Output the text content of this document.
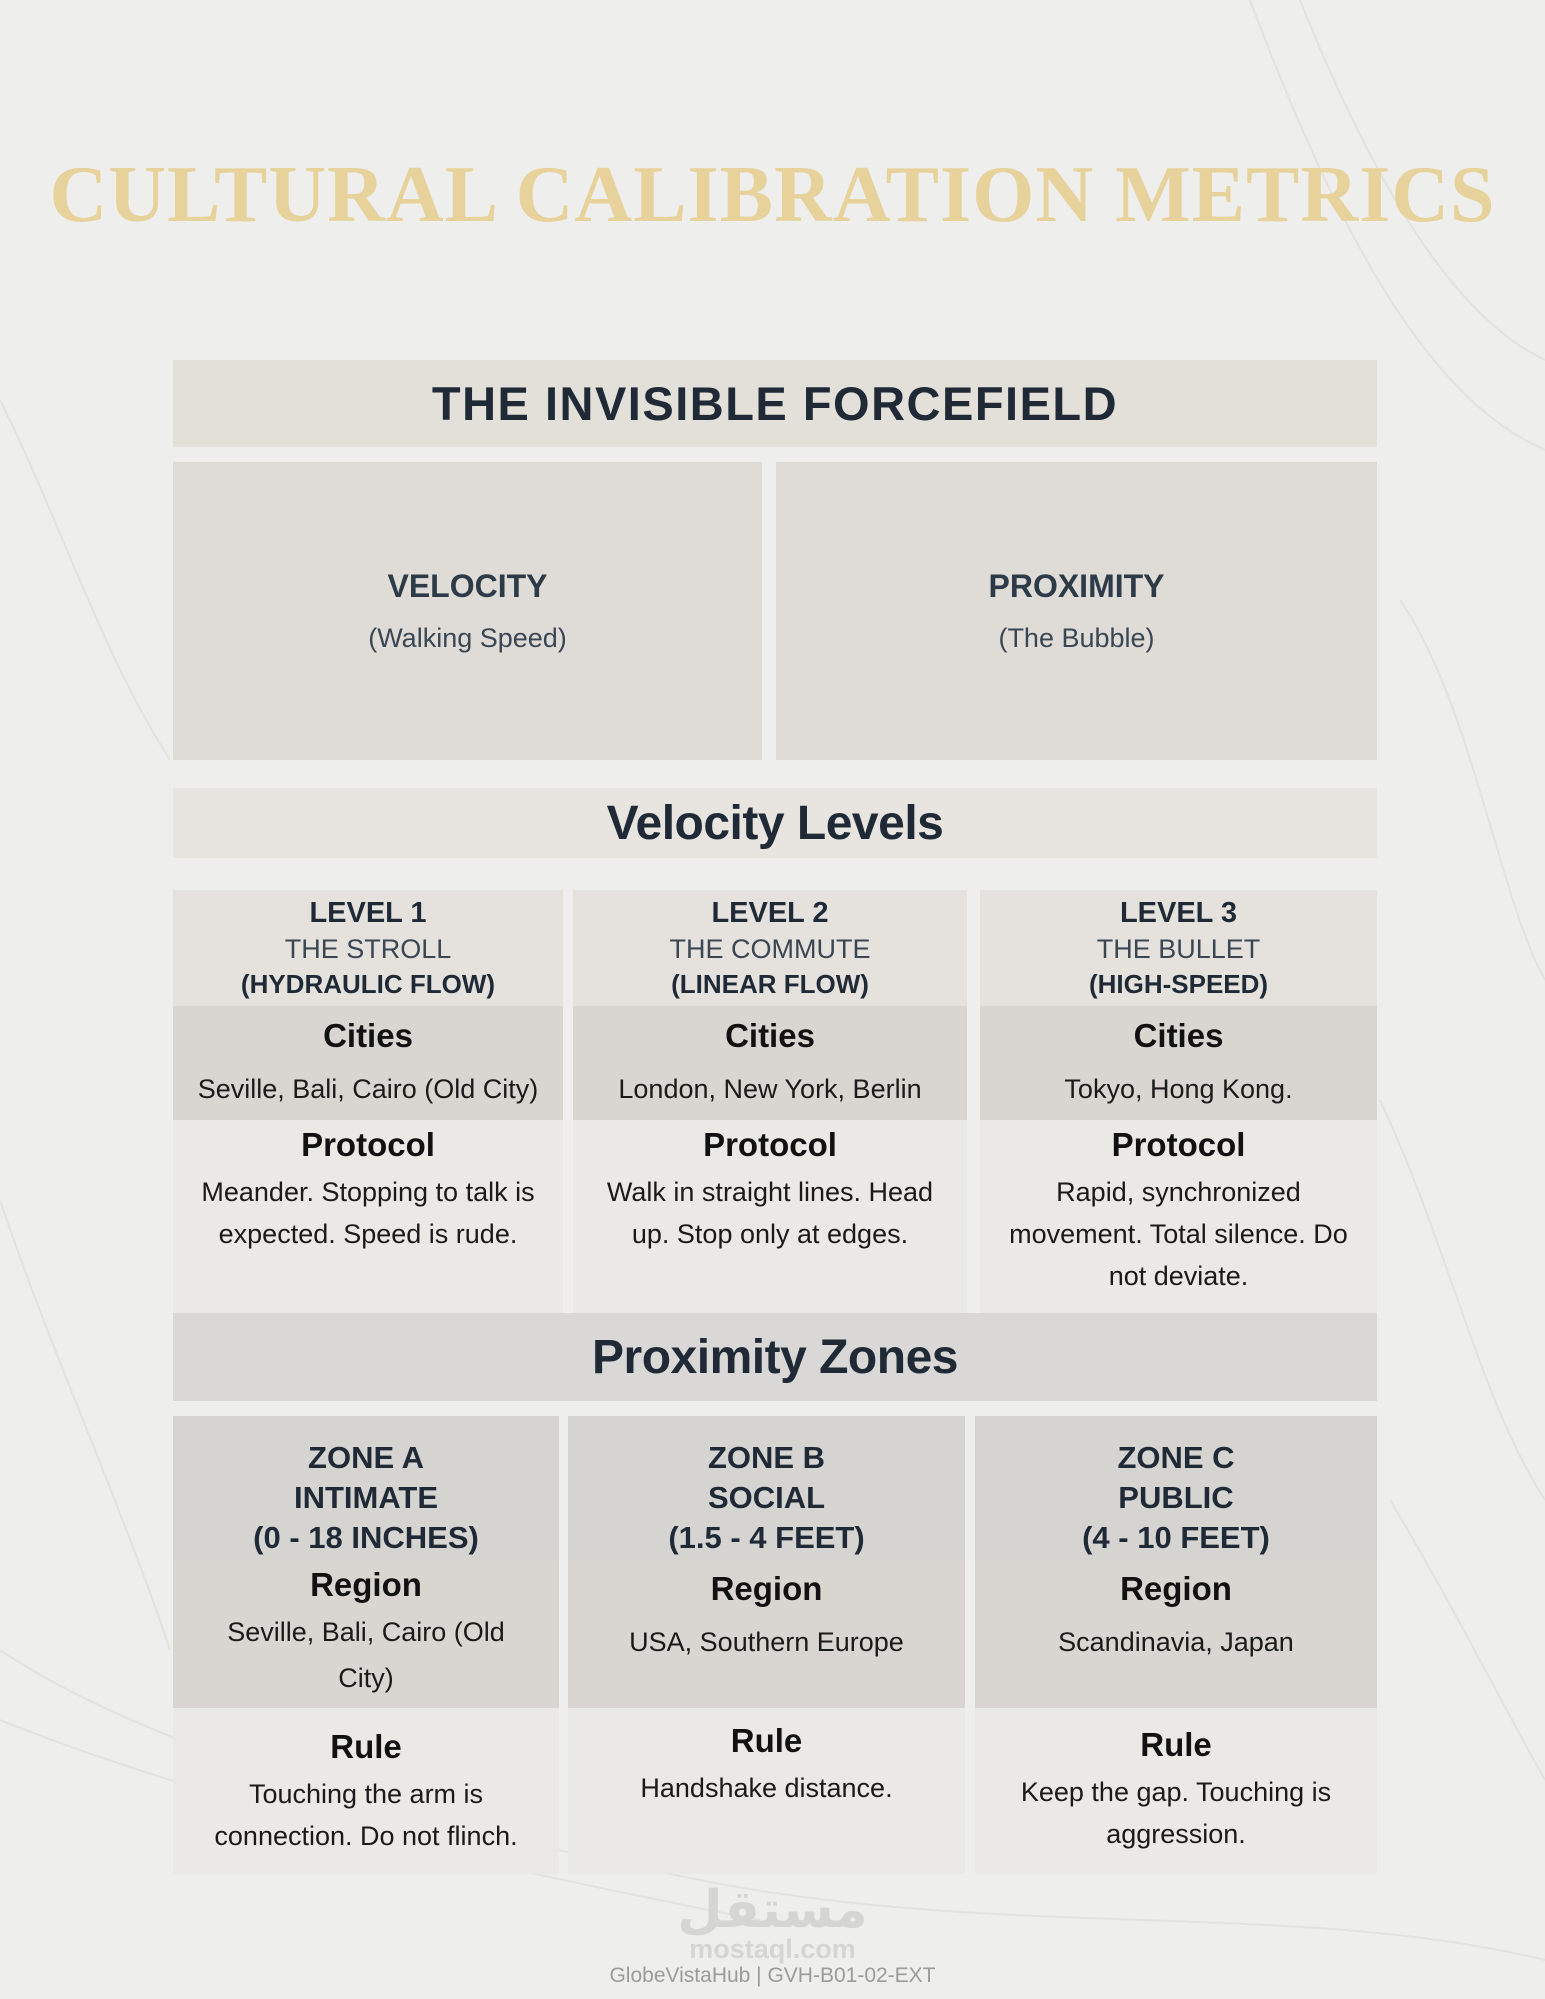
CULTURAL CALIBRATION METRICS
THE INVISIBLE FORCEFIELD
VELOCITY
(Walking Speed)
PROXIMITY
(The Bubble)
Velocity Levels
LEVEL 1
THE STROLL
(HYDRAULIC FLOW)
Cities
Seville, Bali, Cairo (Old City)
Protocol
Meander. Stopping to talk is expected. Speed is rude.
LEVEL 2
THE COMMUTE
(LINEAR FLOW)
Cities
London, New York, Berlin
Protocol
Walk in straight lines. Head up. Stop only at edges.
LEVEL 3
THE BULLET
(HIGH-SPEED)
Cities
Tokyo, Hong Kong.
Protocol
Rapid, synchronized movement. Total silence. Do not deviate.
Proximity Zones
ZONE A
INTIMATE
(0 - 18 INCHES)
Region
Seville, Bali, Cairo (Old City)
Rule
Touching the arm is connection. Do not flinch.
ZONE B
SOCIAL
(1.5 - 4 FEET)
Region
USA, Southern Europe
Rule
Handshake distance.
ZONE C
PUBLIC
(4 - 10 FEET)
Region
Scandinavia, Japan
Rule
Keep the gap. Touching is aggression.
مستقل
mostaql.com
GlobeVistaHub | GVH-B01-02-EXT
